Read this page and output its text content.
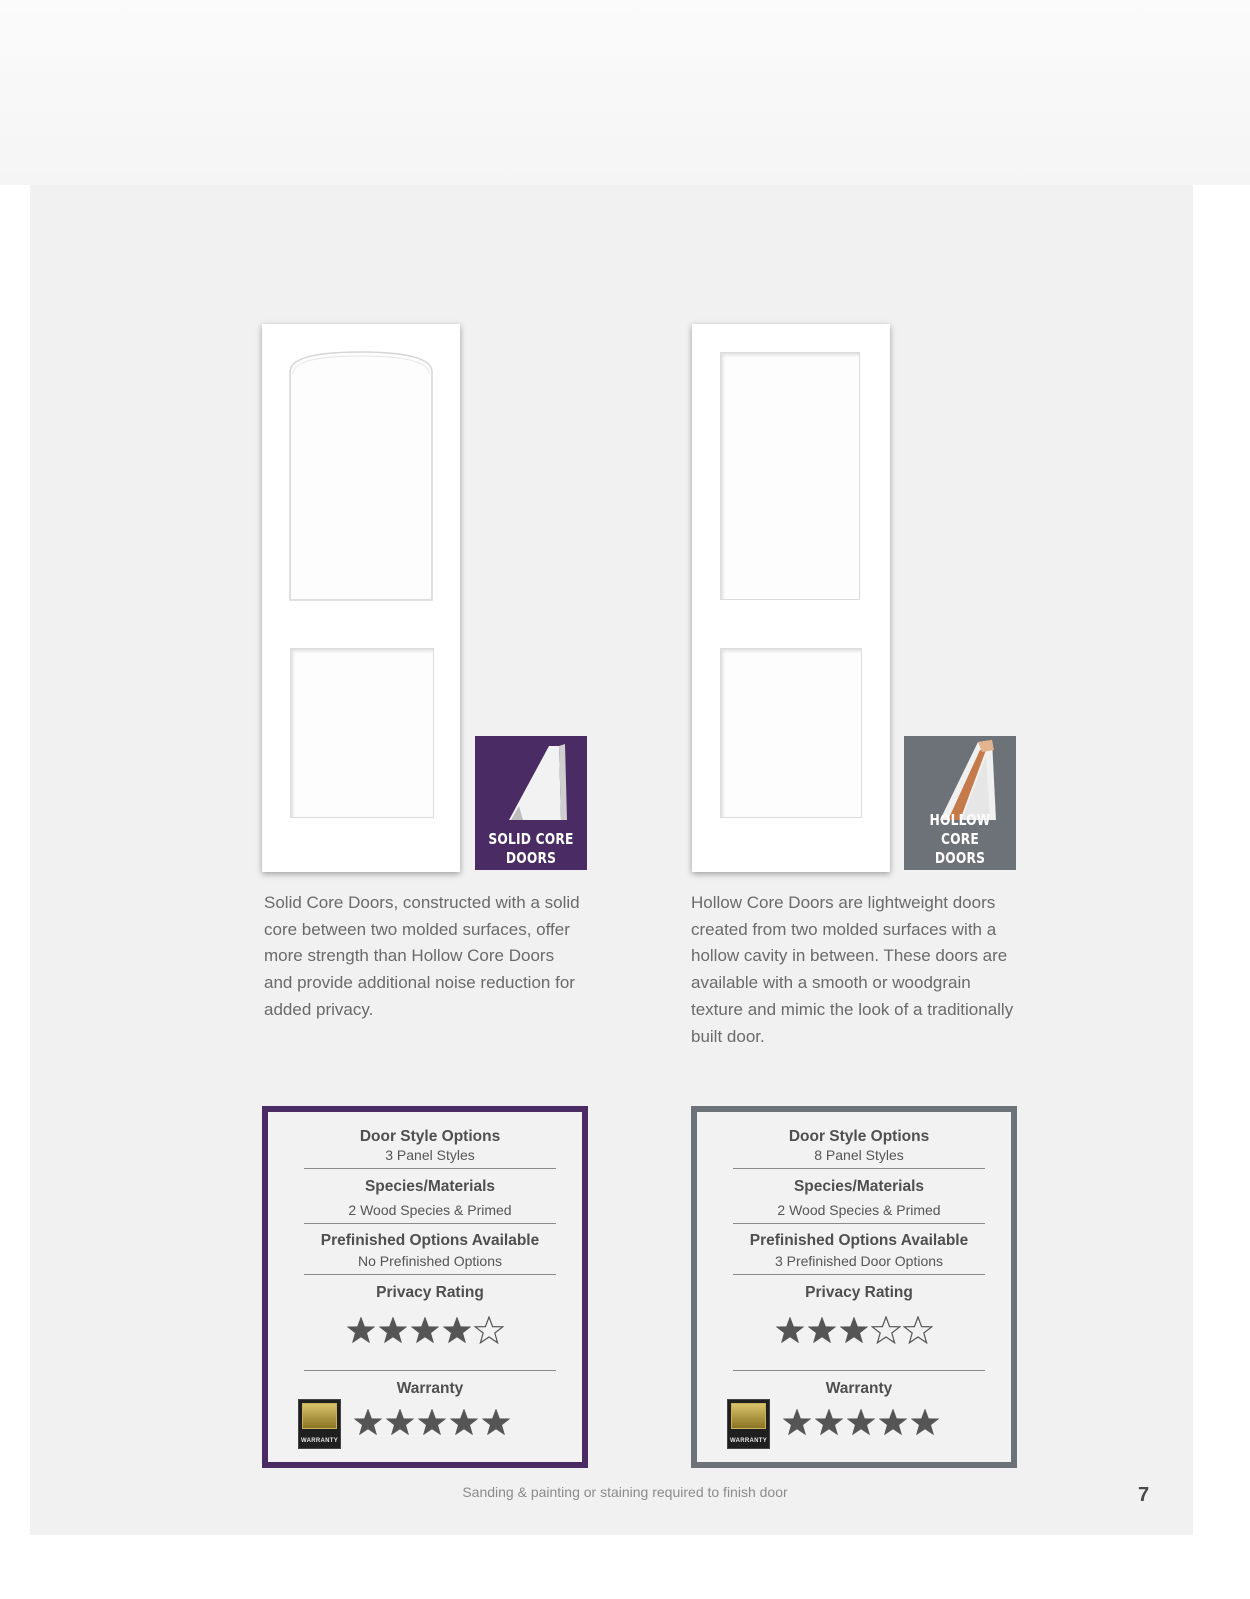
SOLID CORE
DOORS
HOLLOW CORE
DOORS
Solid Core Doors, constructed with a solid core between two molded surfaces, offer more strength than Hollow Core Doors and provide additional noise reduction for added privacy.
Hollow Core Doors are lightweight doors created from two molded surfaces with a hollow cavity in between. These doors are available with a smooth or woodgrain texture and mimic the look of a traditionally built door.
Door Style Options
3 Panel Styles
Species/Materials
2 Wood Species & Primed
Prefinished Options Available
No Prefinished Options
Privacy Rating
Warranty
WARRANTY
Door Style Options
8 Panel Styles
Species/Materials
2 Wood Species & Primed
Prefinished Options Available
3 Prefinished Door Options
Privacy Rating
Warranty
WARRANTY
Sanding & painting or staining required to finish door	7
